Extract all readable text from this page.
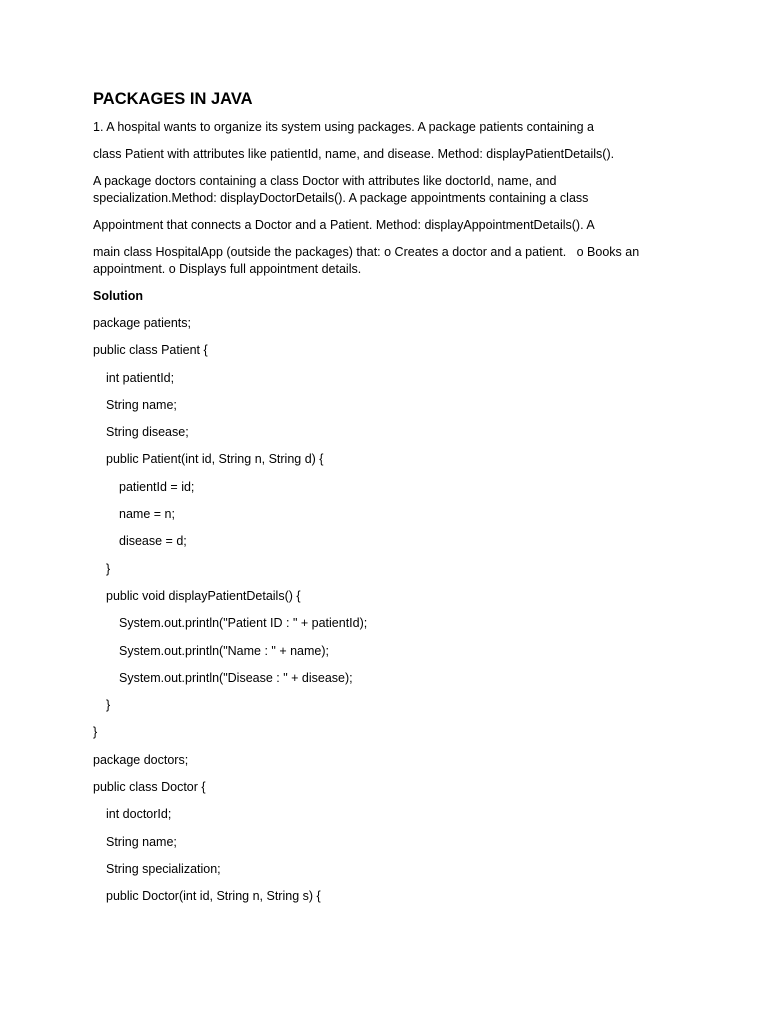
PACKAGES IN JAVA
1. A hospital wants to organize its system using packages. A package patients containing a
class Patient with attributes like patientId, name, and disease. Method: displayPatientDetails().
A package doctors containing a class Doctor with attributes like doctorId, name, and specialization.Method: displayDoctorDetails(). A package appointments containing a class
Appointment that connects a Doctor and a Patient. Method: displayAppointmentDetails(). A
main class HospitalApp (outside the packages) that: o Creates a doctor and a patient.   o Books an appointment. o Displays full appointment details.
Solution
package patients;
public class Patient {
int patientId;
String name;
String disease;
public Patient(int id, String n, String d) {
patientId = id;
name = n;
disease = d;
}
public void displayPatientDetails() {
System.out.println("Patient ID : " + patientId);
System.out.println("Name : " + name);
System.out.println("Disease : " + disease);
}
}
package doctors;
public class Doctor {
int doctorId;
String name;
String specialization;
public Doctor(int id, String n, String s) {
